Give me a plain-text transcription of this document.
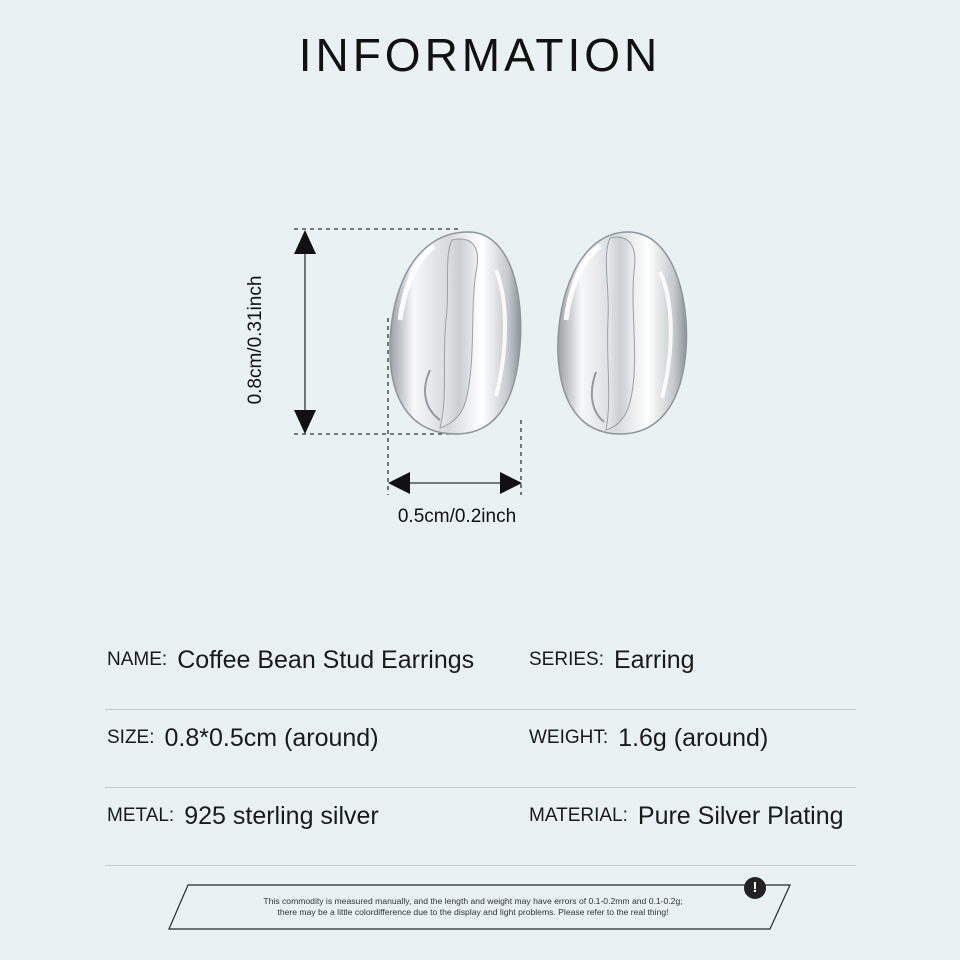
INFORMATION
0.8cm/0.31inch
0.5cm/0.2inch
NAME: Coffee Bean Stud Earrings	SERIES: Earring
SIZE: 0.8*0.5cm (around)	WEIGHT: 1.6g (around)
METAL: 925 sterling silver	MATERIAL: Pure Silver Plating
This commodity is measured manually, and the length and weight may have errors of 0.1-0.2mm and 0.1-0.2g;
there may be a little colordifference due to the display and light problems. Please refer to the real thing!
!
